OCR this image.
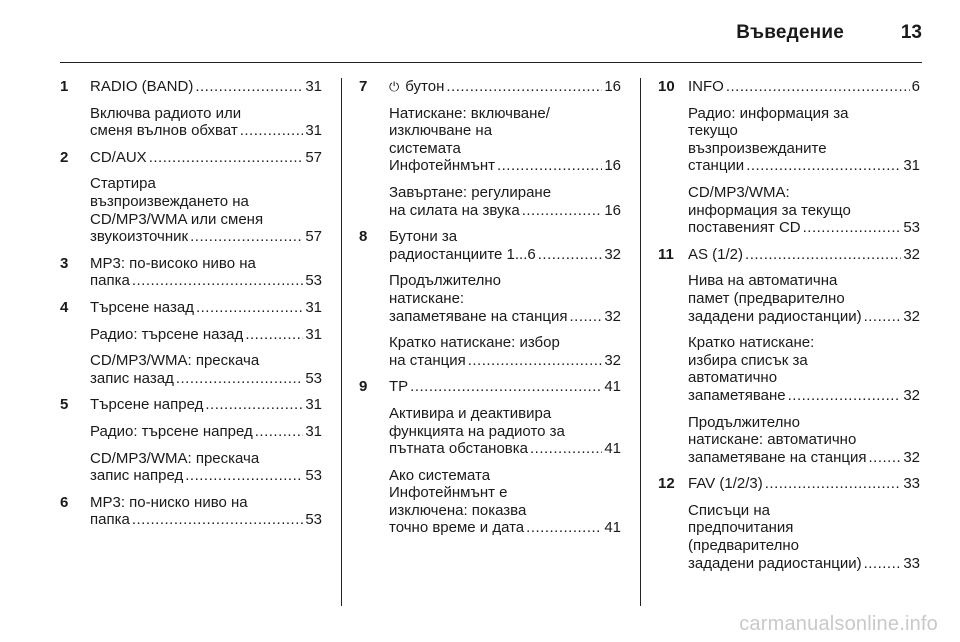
Въведение	13
1 RADIO (BAND) .....	31
Включва радиото или
сменя вълнов обхват .....	31
2 CD/AUX .....	57
Стартира
възпроизвеждането на
CD/MP3/WMA или сменя
звукоизточник .....	57
3 MP3: по-високо ниво на
папка .....	53
4 Търсене назад .....	31
Радио: търсене назад .....	31
CD/MP3/WMA: прескача
запис назад .....	53
5 Търсене напред .....	31
Радио: търсене напред .....	31
CD/MP3/WMA: прескача
запис напред .....	53
6 MP3: по-ниско ниво на
папка .....	53
7 ⏻ бутон .....	16
Натискане: включване/
изключване на
системата
Инфотейнмънт .....	16
Завъртане: регулиране
на силата на звука .....	16
8 Бутони за
радиостанциите 1...6 .....	32
Продължително
натискане:
запаметяване на станция ..... 32
Кратко натискане: избор
на станция .....	32
9 TP .....	41
Активира и деактивира
функцията на радиото за
пътната обстановка .....	41
Ако системата
Инфотейнмънт е
изключена: показва
точно време и дата .....	41
10 INFO .....	6
Радио: информация за
текущо
възпроизвежданите
станции .....	31
CD/MP3/WMA:
информация за текущо
поставеният CD .....	53
11 AS (1/2) .....	32
Нива на автоматична
памет (предварително
зададени радиостанции) .....	32
Кратко натискане:
избира списък за
автоматично
запаметяване .....	32
Продължително
натискане: автоматично
запаметяване на станция ..... 32
12 FAV (1/2/3) .....	33
Списъци на
предпочитания
(предварително
зададени радиостанции) .....	33
carmanualsonline.info
